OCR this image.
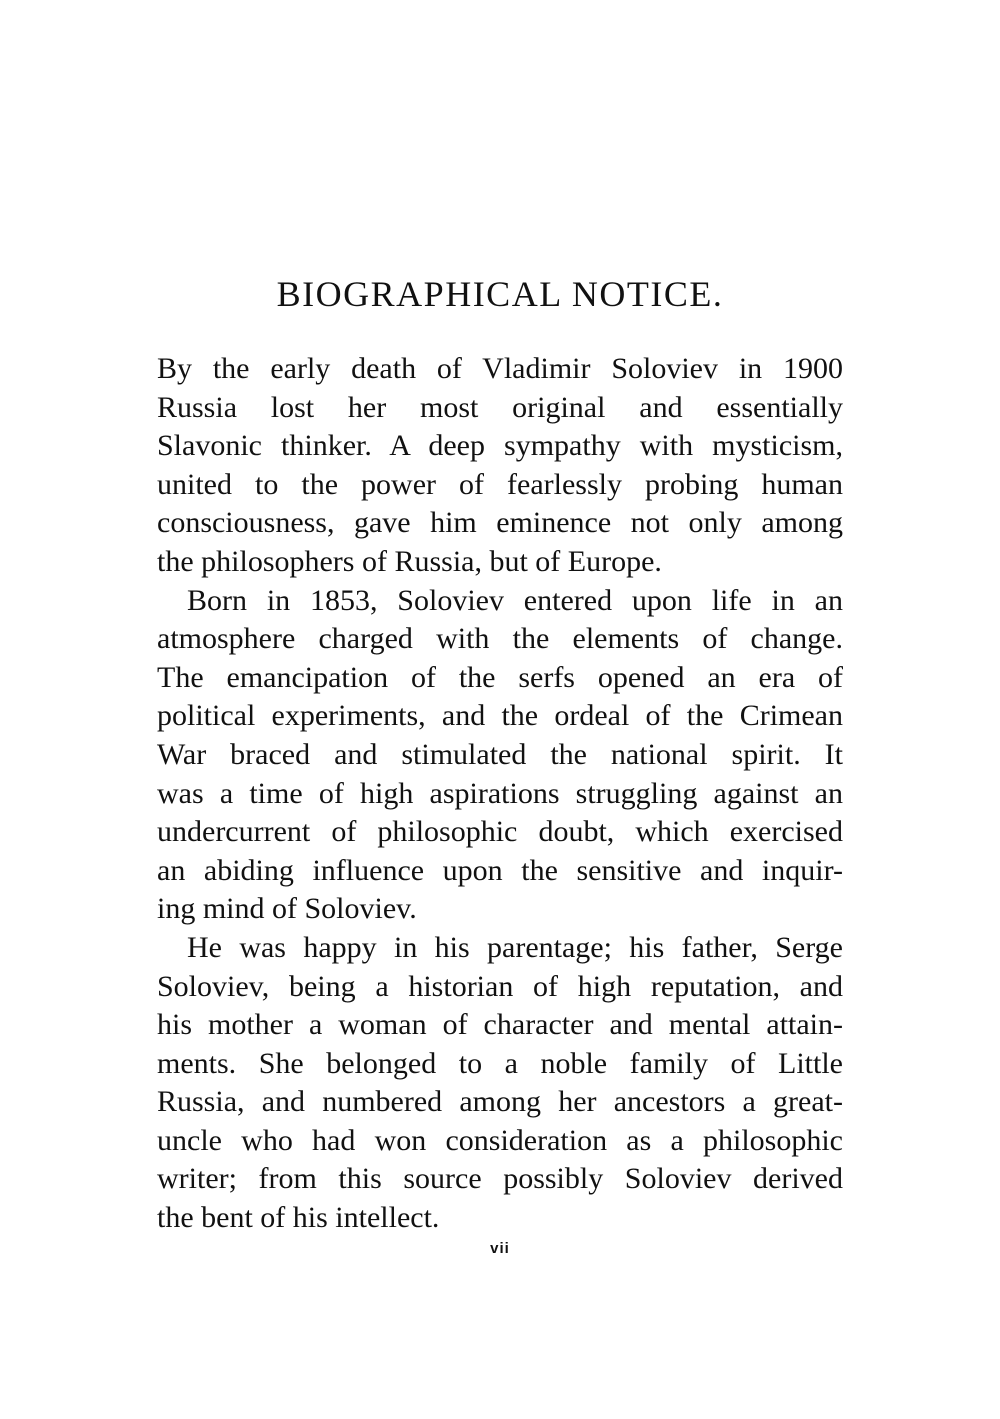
BIOGRAPHICAL NOTICE.
By the early death of Vladimir Soloviev in 1900
Russia lost her most original and essentially
Slavonic thinker. A deep sympathy with mysticism,
united to the power of fearlessly probing human
consciousness, gave him eminence not only among
the philosophers of Russia, but of Europe.
Born in 1853, Soloviev entered upon life in an
atmosphere charged with the elements of change.
The emancipation of the serfs opened an era of
political experiments, and the ordeal of the Crimean
War braced and stimulated the national spirit. It
was a time of high aspirations struggling against an
undercurrent of philosophic doubt, which exercised
an abiding influence upon the sensitive and inquir-
ing mind of Soloviev.
He was happy in his parentage; his father, Serge
Soloviev, being a historian of high reputation, and
his mother a woman of character and mental attain-
ments. She belonged to a noble family of Little
Russia, and numbered among her ancestors a great-
uncle who had won consideration as a philosophic
writer; from this source possibly Soloviev derived
the bent of his intellect.
vii
